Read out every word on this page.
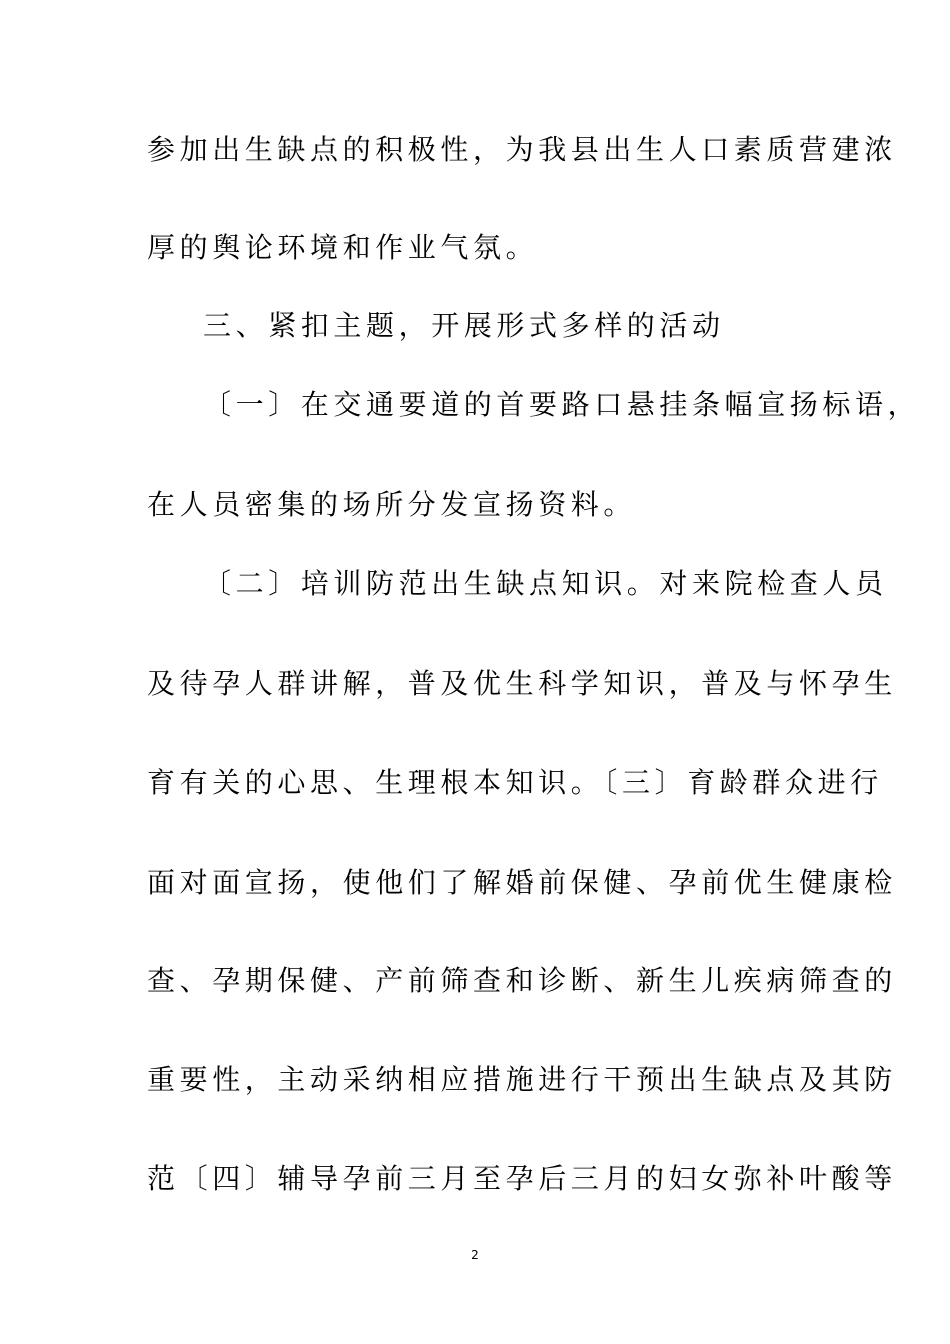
参加出生缺点的积极性，为我县出生人口素质营建浓
厚的舆论环境和作业气氛。
三、紧扣主题，开展形式多样的活动
〔一〕在交通要道的首要路口悬挂条幅宣扬标语，
在人员密集的场所分发宣扬资料。
〔二〕培训防范出生缺点知识。对来院检查人员
及待孕人群讲解，普及优生科学知识，普及与怀孕生
育有关的心思、生理根本知识。〔三〕育龄群众进行
面对面宣扬，使他们了解婚前保健、孕前优生健康检
查、孕期保健、产前筛查和诊断、新生儿疾病筛查的
重要性，主动采纳相应措施进行干预出生缺点及其防
范〔四〕辅导孕前三月至孕后三月的妇女弥补叶酸等
2
